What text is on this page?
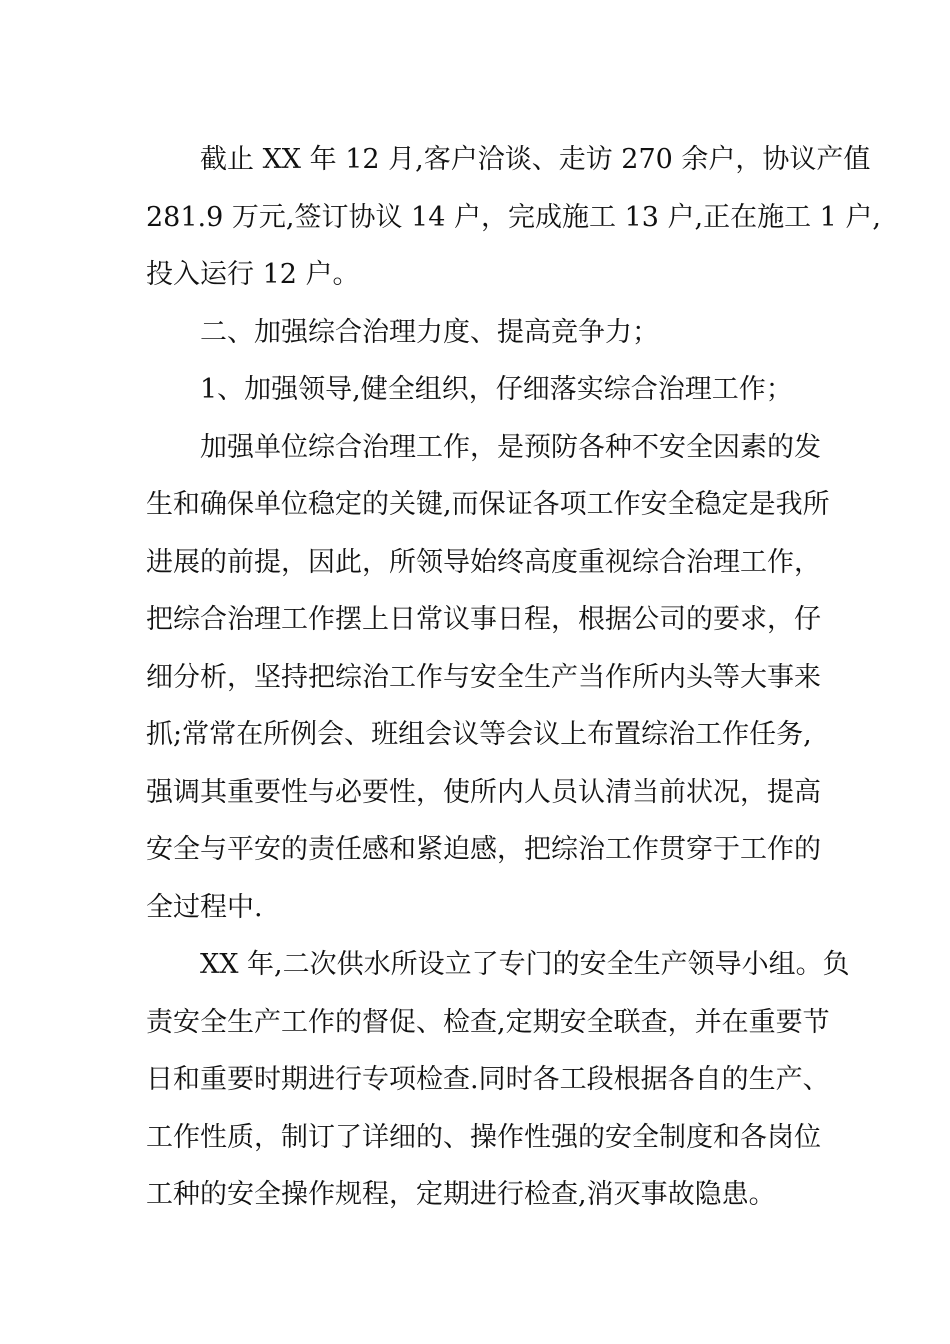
截止 XX 年 12 月,客户洽谈、走访 270 余户，协议产值
281.9 万元,签订协议 14 户，完成施工 13 户,正在施工 1 户,
投入运行 12 户。
二、加强综合治理力度、提高竞争力；
1、加强领导,健全组织，仔细落实综合治理工作；
加强单位综合治理工作，是预防各种不安全因素的发
生和确保单位稳定的关键,而保证各项工作安全稳定是我所
进展的前提，因此，所领导始终高度重视综合治理工作，
把综合治理工作摆上日常议事日程，根据公司的要求，仔
细分析，坚持把综治工作与安全生产当作所内头等大事来
抓;常常在所例会、班组会议等会议上布置综治工作任务,
强调其重要性与必要性，使所内人员认清当前状况，提高
安全与平安的责任感和紧迫感，把综治工作贯穿于工作的
全过程中.
XX 年,二次供水所设立了专门的安全生产领导小组。负
责安全生产工作的督促、检查,定期安全联查，并在重要节
日和重要时期进行专项检查.同时各工段根据各自的生产、
工作性质，制订了详细的、操作性强的安全制度和各岗位
工种的安全操作规程，定期进行检查,消灭事故隐患。
